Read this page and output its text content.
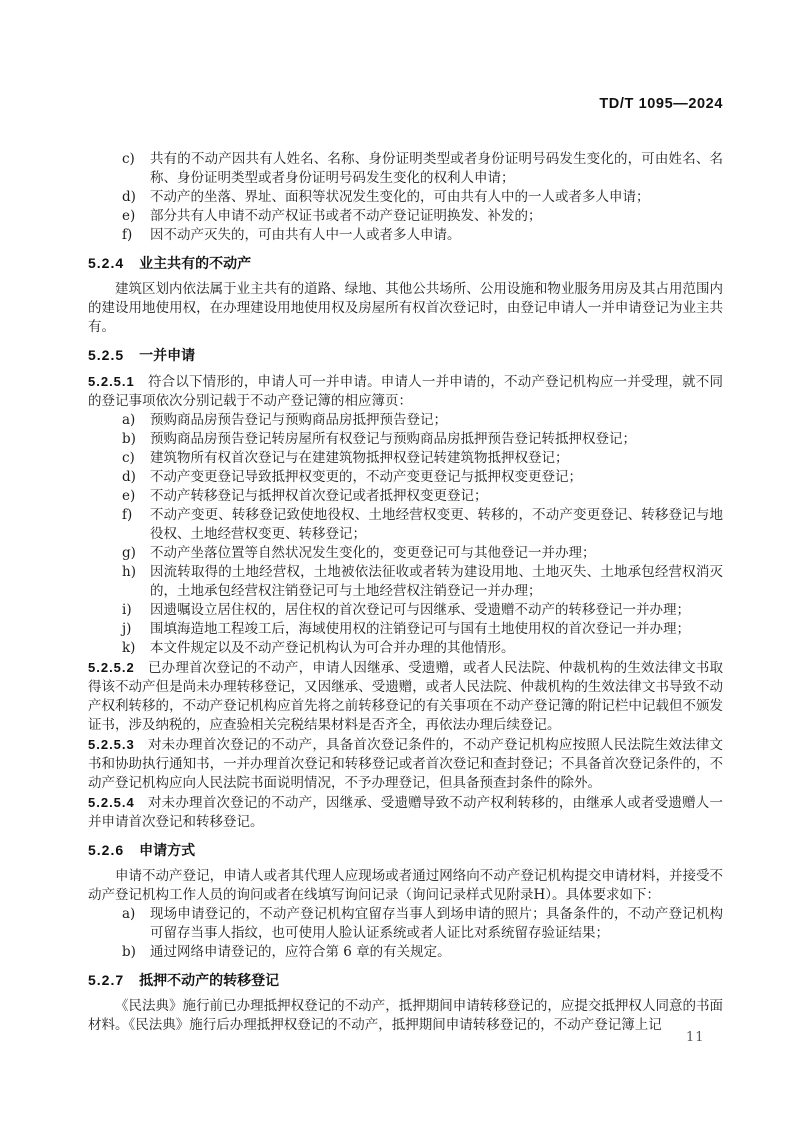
TD/T 1095—2024
c) 共有的不动产因共有人姓名、名称、身份证明类型或者身份证明号码发生变化的，可由姓名、名称、身份证明类型或者身份证明号码发生变化的权利人申请；
d) 不动产的坐落、界址、面积等状况发生变化的，可由共有人中的一人或者多人申请；
e) 部分共有人申请不动产权证书或者不动产登记证明换发、补发的；
f) 因不动产灭失的，可由共有人中一人或者多人申请。
5.2.4 业主共有的不动产

建筑区划内依法属于业主共有的道路、绿地、其他公共场所、公用设施和物业服务用房及其占用范围内的建设用地使用权，在办理建设用地使用权及房屋所有权首次登记时，由登记申请人一并申请登记为业主共有。

5.2.5 一并申请

5.2.5.1 符合以下情形的，申请人可一并申请。申请人一并申请的，不动产登记机构应一并受理，就不同的登记事项依次分别记载于不动产登记簿的相应簿页：

a) 预购商品房预告登记与预购商品房抵押预告登记；
b) 预购商品房预告登记转房屋所有权登记与预购商品房抵押预告登记转抵押权登记；
c) 建筑物所有权首次登记与在建建筑物抵押权登记转建筑物抵押权登记；
d) 不动产变更登记导致抵押权变更的，不动产变更登记与抵押权变更登记；
e) 不动产转移登记与抵押权首次登记或者抵押权变更登记；
f) 不动产变更、转移登记致使地役权、土地经营权变更、转移的，不动产变更登记、转移登记与地役权、土地经营权变更、转移登记；
g) 不动产坐落位置等自然状况发生变化的，变更登记可与其他登记一并办理；
h) 因流转取得的土地经营权，土地被依法征收或者转为建设用地、土地灭失、土地承包经营权消灭的，土地承包经营权注销登记可与土地经营权注销登记一并办理；
i) 因遗嘱设立居住权的，居住权的首次登记可与因继承、受遗赠不动产的转移登记一并办理；
j) 围填海造地工程竣工后，海域使用权的注销登记可与国有土地使用权的首次登记一并办理；
k) 本文件规定以及不动产登记机构认为可合并办理的其他情形。

5.2.5.2 已办理首次登记的不动产，申请人因继承、受遗赠，或者人民法院、仲裁机构的生效法律文书取得该不动产但是尚未办理转移登记，又因继承、受遗赠，或者人民法院、仲裁机构的生效法律文书导致不动产权利转移的，不动产登记机构应首先将之前转移登记的有关事项在不动产登记簿的附记栏中记载但不颁发证书，涉及纳税的，应查验相关完税结果材料是否齐全，再依法办理后续登记。

5.2.5.3 对未办理首次登记的不动产，具备首次登记条件的，不动产登记机构应按照人民法院生效法律文书和协助执行通知书，一并办理首次登记和转移登记或者首次登记和查封登记；不具备首次登记条件的，不动产登记机构应向人民法院书面说明情况，不予办理登记，但具备预查封条件的除外。

5.2.5.4 对未办理首次登记的不动产，因继承、受遗赠导致不动产权利转移的，由继承人或者受遗赠人一并申请首次登记和转移登记。

5.2.6 申请方式

申请不动产登记，申请人或者其代理人应现场或者通过网络向不动产登记机构提交申请材料，并接受不动产登记机构工作人员的询问或者在线填写询问记录（询问记录样式见附录H）。具体要求如下：

a) 现场申请登记的，不动产登记机构宜留存当事人到场申请的照片；具备条件的，不动产登记机构可留存当事人指纹，也可使用人脸认证系统或者人证比对系统留存验证结果；
b) 通过网络申请登记的，应符合第 6 章的有关规定。
5.2.7 抵押不动产的转移登记

《民法典》施行前已办理抵押权登记的不动产，抵押期间申请转移登记的，应提交抵押权人同意的书面材料。《民法典》施行后办理抵押权登记的不动产，抵押期间申请转移登记的，不动产登记簿上记

11
